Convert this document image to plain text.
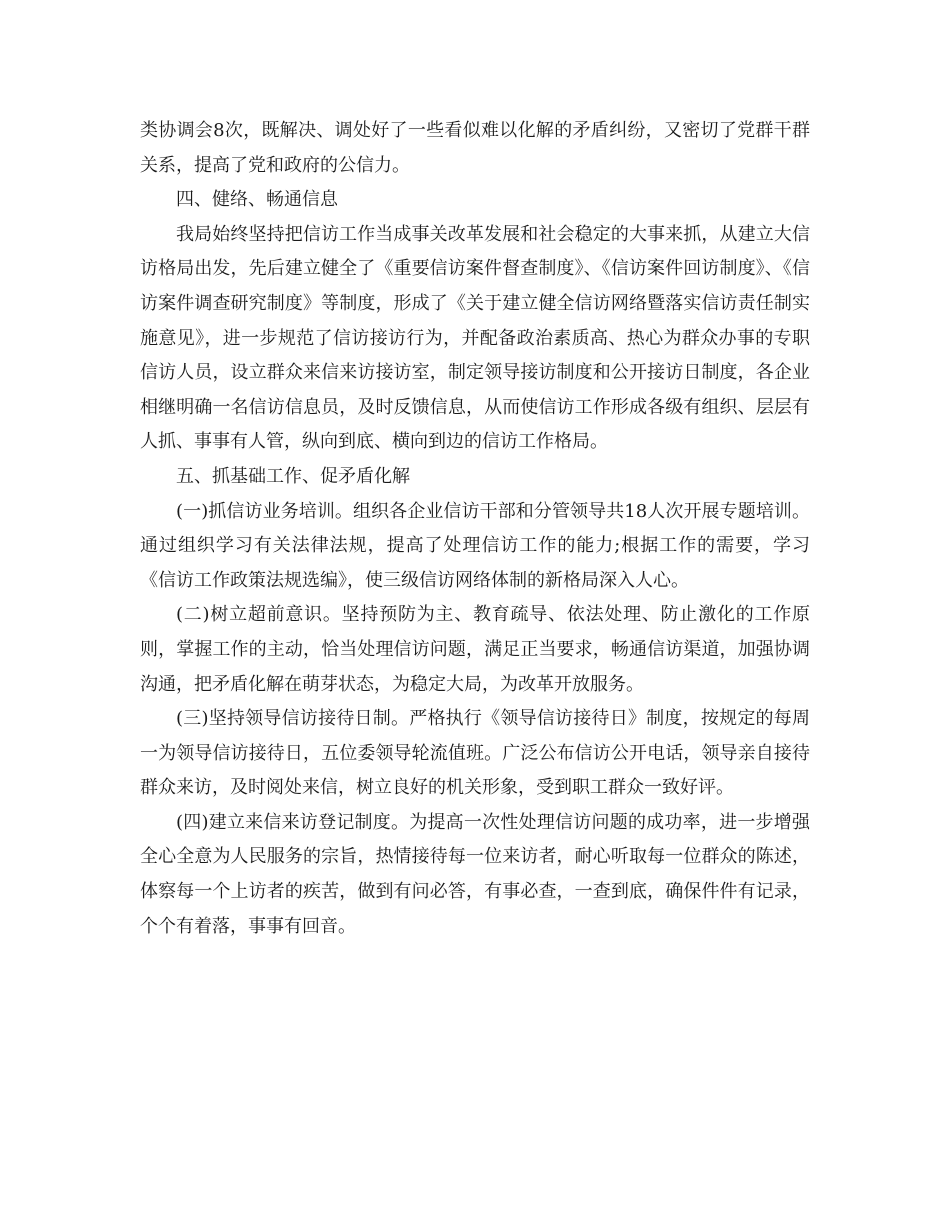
类协调会8次，既解决、调处好了一些看似难以化解的矛盾纠纷，又密切了党群干群关系，提高了党和政府的公信力。

四、健络、畅通信息

我局始终坚持把信访工作当成事关改革发展和社会稳定的大事来抓，从建立大信访格局出发，先后建立健全了《重要信访案件督查制度》、《信访案件回访制度》、《信访案件调查研究制度》等制度，形成了《关于建立健全信访网络暨落实信访责任制实施意见》，进一步规范了信访接访行为，并配备政治素质高、热心为群众办事的专职信访人员，设立群众来信来访接访室，制定领导接访制度和公开接访日制度，各企业相继明确一名信访信息员，及时反馈信息，从而使信访工作形成各级有组织、层层有人抓、事事有人管，纵向到底、横向到边的信访工作格局。

五、抓基础工作、促矛盾化解

(一)抓信访业务培训。组织各企业信访干部和分管领导共18人次开展专题培训。通过组织学习有关法律法规，提高了处理信访工作的能力;根据工作的需要，学习《信访工作政策法规选编》，使三级信访网络体制的新格局深入人心。

(二)树立超前意识。坚持预防为主、教育疏导、依法处理、防止激化的工作原则，掌握工作的主动，恰当处理信访问题，满足正当要求，畅通信访渠道，加强协调沟通，把矛盾化解在萌芽状态，为稳定大局，为改革开放服务。

(三)坚持领导信访接待日制。严格执行《领导信访接待日》制度，按规定的每周一为领导信访接待日，五位委领导轮流值班。广泛公布信访公开电话，领导亲自接待群众来访，及时阅处来信，树立良好的机关形象，受到职工群众一致好评。

(四)建立来信来访登记制度。为提高一次性处理信访问题的成功率，进一步增强全心全意为人民服务的宗旨，热情接待每一位来访者，耐心听取每一位群众的陈述，体察每一个上访者的疾苦，做到有问必答，有事必查，一查到底，确保件件有记录，个个有着落，事事有回音。
